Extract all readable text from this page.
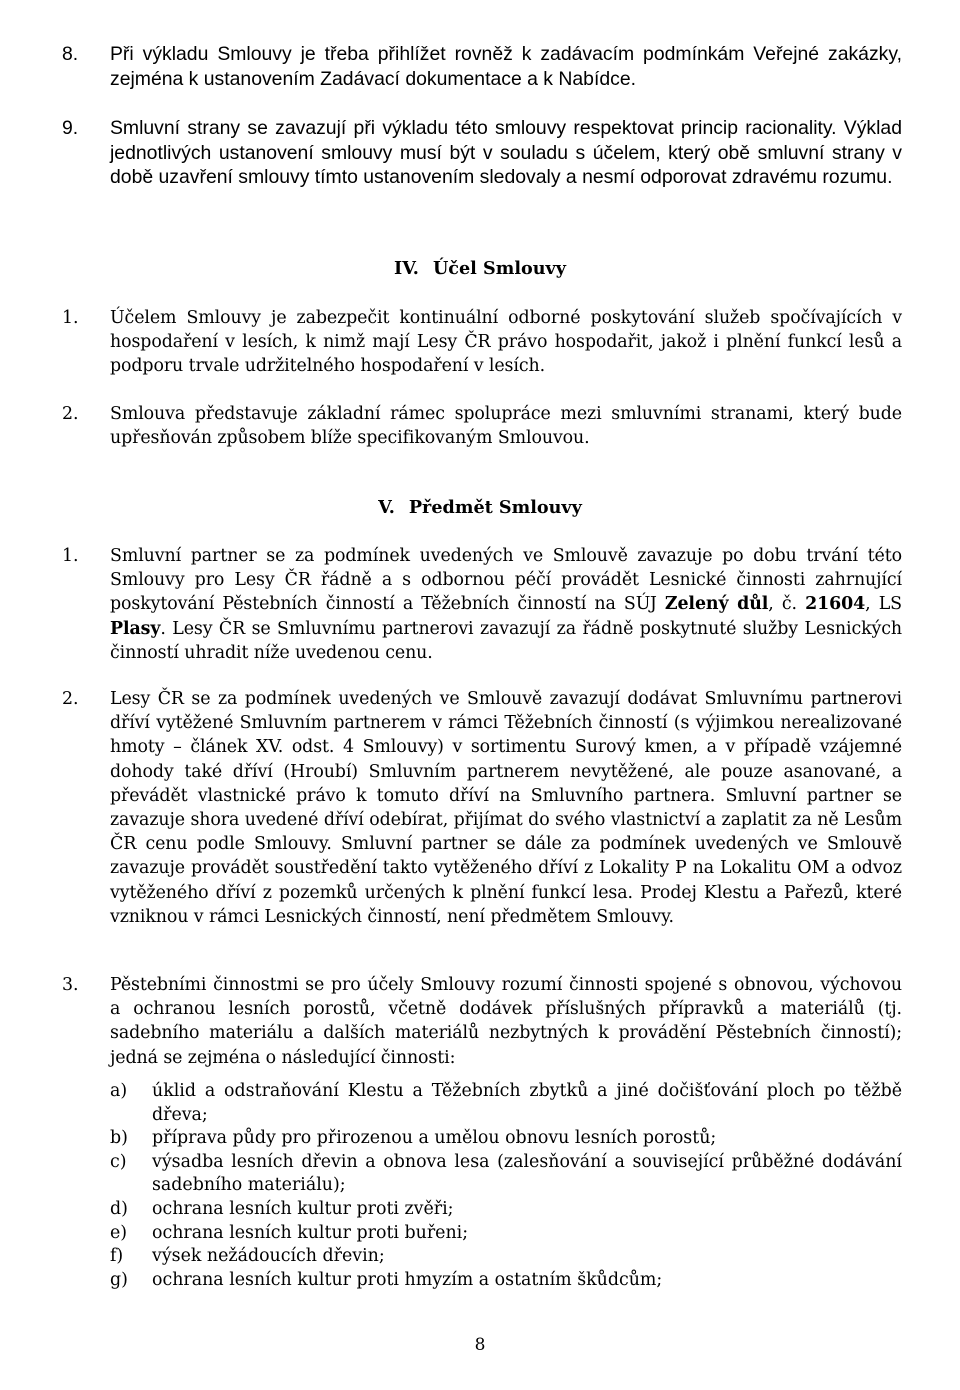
8.	Při výkladu Smlouvy je třeba přihlížet rovněž k zadávacím podmínkám Veřejné zakázky, zejména k ustanovením Zadávací dokumentace a k Nabídce.
9.	Smluvní strany se zavazují při výkladu této smlouvy respektovat princip racionality. Výklad jednotlivých ustanovení smlouvy musí být v souladu s účelem, který obě smluvní strany v době uzavření smlouvy tímto ustanovením sledovaly a nesmí odporovat zdravému rozumu.
IV. Účel Smlouvy
1.	Účelem Smlouvy je zabezpečit kontinuální odborné poskytování služeb spočívajících v hospodaření v lesích, k nimž mají Lesy ČR právo hospodařit, jakož i plnění funkcí lesů a podporu trvale udržitelného hospodaření v lesích.
2.	Smlouva představuje základní rámec spolupráce mezi smluvními stranami, který bude upřesňován způsobem blíže specifikovaným Smlouvou.
V. Předmět Smlouvy
1.	Smluvní partner se za podmínek uvedených ve Smlouvě zavazuje po dobu trvání této Smlouvy pro Lesy ČR řádně a s odbornou péčí provádět Lesnické činnosti zahrnující poskytování Pěstebních činností a Těžebních činností na SÚJ Zelený důl, č. 21604, LS Plasy. Lesy ČR se Smluvnímu partnerovi zavazují za řádně poskytnuté služby Lesnických činností uhradit níže uvedenou cenu.
2.	Lesy ČR se za podmínek uvedených ve Smlouvě zavazují dodávat Smluvnímu partnerovi dříví vytěžené Smluvním partnerem v rámci Těžebních činností (s výjimkou nerealizované hmoty – článek XV. odst. 4 Smlouvy) v sortimentu Surový kmen, a v případě vzájemné dohody také dříví (Hroubí) Smluvním partnerem nevytěžené, ale pouze asanované, a převádět vlastnické právo k tomuto dříví na Smluvního partnera. Smluvní partner se zavazuje shora uvedené dříví odebírat, přijímat do svého vlastnictví a zaplatit za ně Lesům ČR cenu podle Smlouvy. Smluvní partner se dále za podmínek uvedených ve Smlouvě zavazuje provádět soustředění takto vytěženého dříví z Lokality P na Lokalitu OM a odvoz vytěženého dříví z pozemků určených k plnění funkcí lesa. Prodej Klestu a Pařezů, které vzniknou v rámci Lesnických činností, není předmětem Smlouvy.
3.	Pěstebními činnostmi se pro účely Smlouvy rozumí činnosti spojené s obnovou, výchovou a ochranou lesních porostů, včetně dodávek příslušných přípravků a materiálů (tj. sadebního materiálu a dalších materiálů nezbytných k provádění Pěstebních činností); jedná se zejména o následující činnosti:
a)	úklid a odstraňování Klestu a Těžebních zbytků a jiné dočišťování ploch po těžbě dřeva;
b)	příprava půdy pro přirozenou a umělou obnovu lesních porostů;
c)	výsadba lesních dřevin a obnova lesa (zalesňování a související průběžné dodávání sadebního materiálu);
d)	ochrana lesních kultur proti zvěři;
e)	ochrana lesních kultur proti buřeni;
f)	výsek nežádoucích dřevin;
g)	ochrana lesních kultur proti hmyzím a ostatním škůdcům;
8
